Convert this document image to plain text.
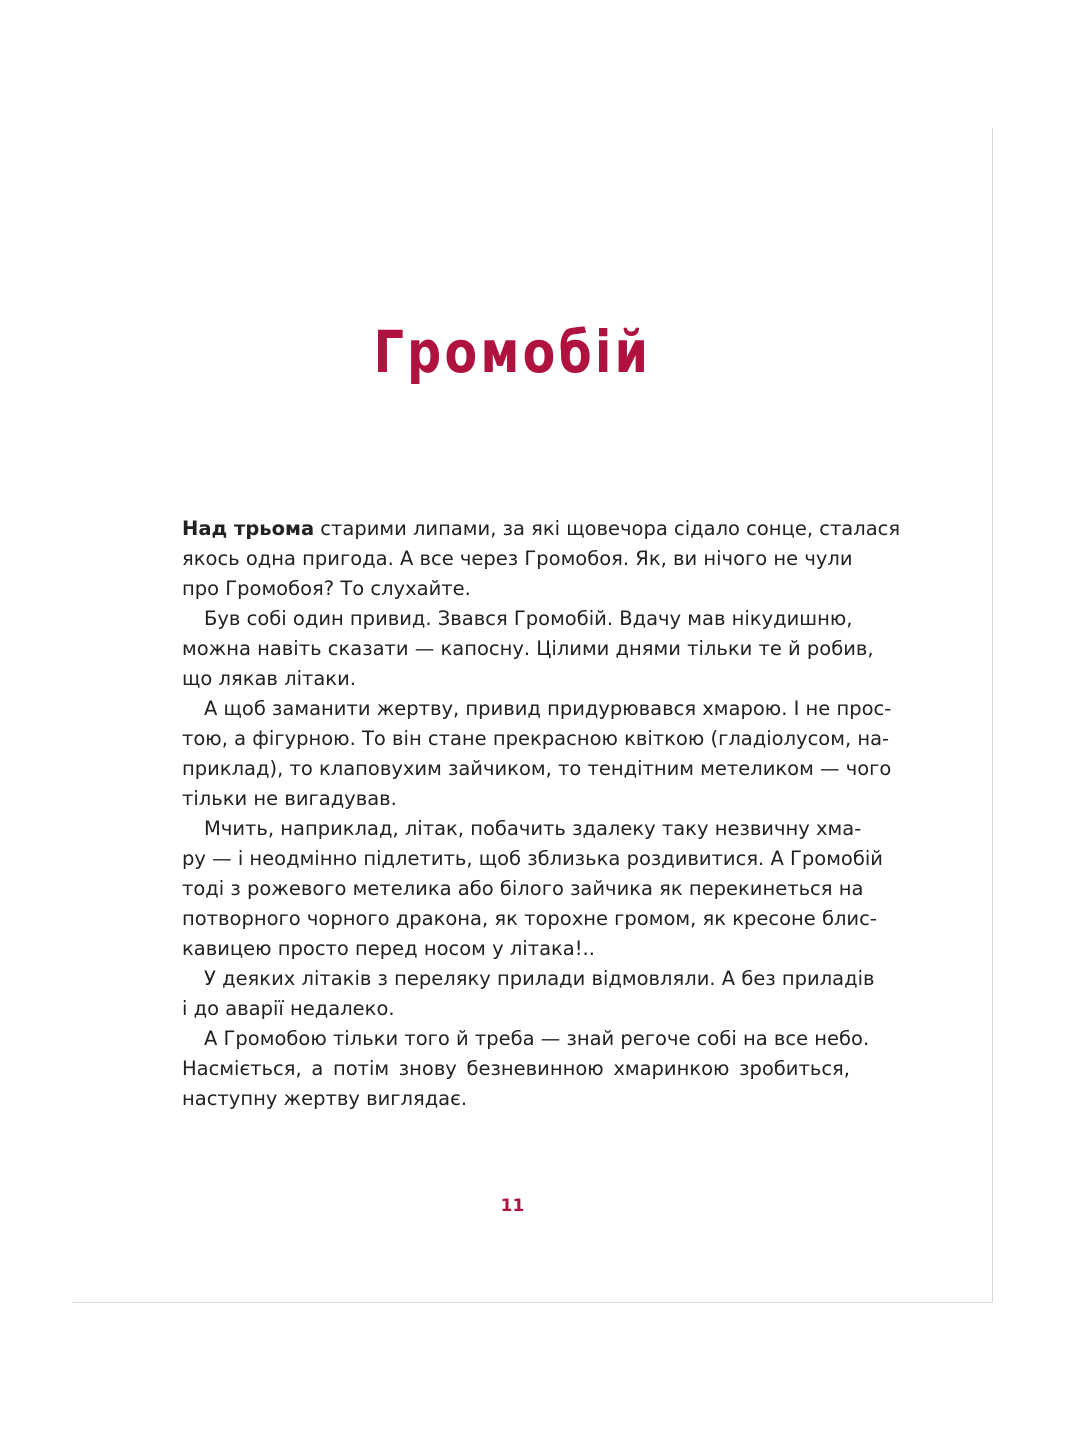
Громобій
Над трьома старими липами, за які щовечора сідало сонце, сталася
якось одна пригода. А все через Громобоя. Як, ви нічого не чули
про Громобоя? То слухайте.
Був собі один привид. Звався Громобій. Вдачу мав нікудишню,
можна навіть сказати — капосну. Цілими днями тільки те й робив,
що лякав літаки.
А щоб заманити жертву, привид придурювався хмарою. І не прос-
тою, а фігурною. То він стане прекрасною квіткою (гладіолусом, на-
приклад), то клаповухим зайчиком, то тендітним метеликом — чого
тільки не вигадував.
Мчить, наприклад, літак, побачить здалеку таку незвичну хма-
ру — і неодмінно підлетить, щоб зблизька роздивитися. А Громобій
тоді з рожевого метелика або білого зайчика як перекинеться на
потворного чорного дракона, як торохне громом, як кресоне блис-
кавицею просто перед носом у літака!..
У деяких літаків з переляку прилади відмовляли. А без приладів
і до аварії недалеко.
А Громобою тільки того й треба — знай регоче собі на все небо.
Насміється, а потім знову безневинною хмаринкою зробиться,
наступну жертву виглядає.
11
